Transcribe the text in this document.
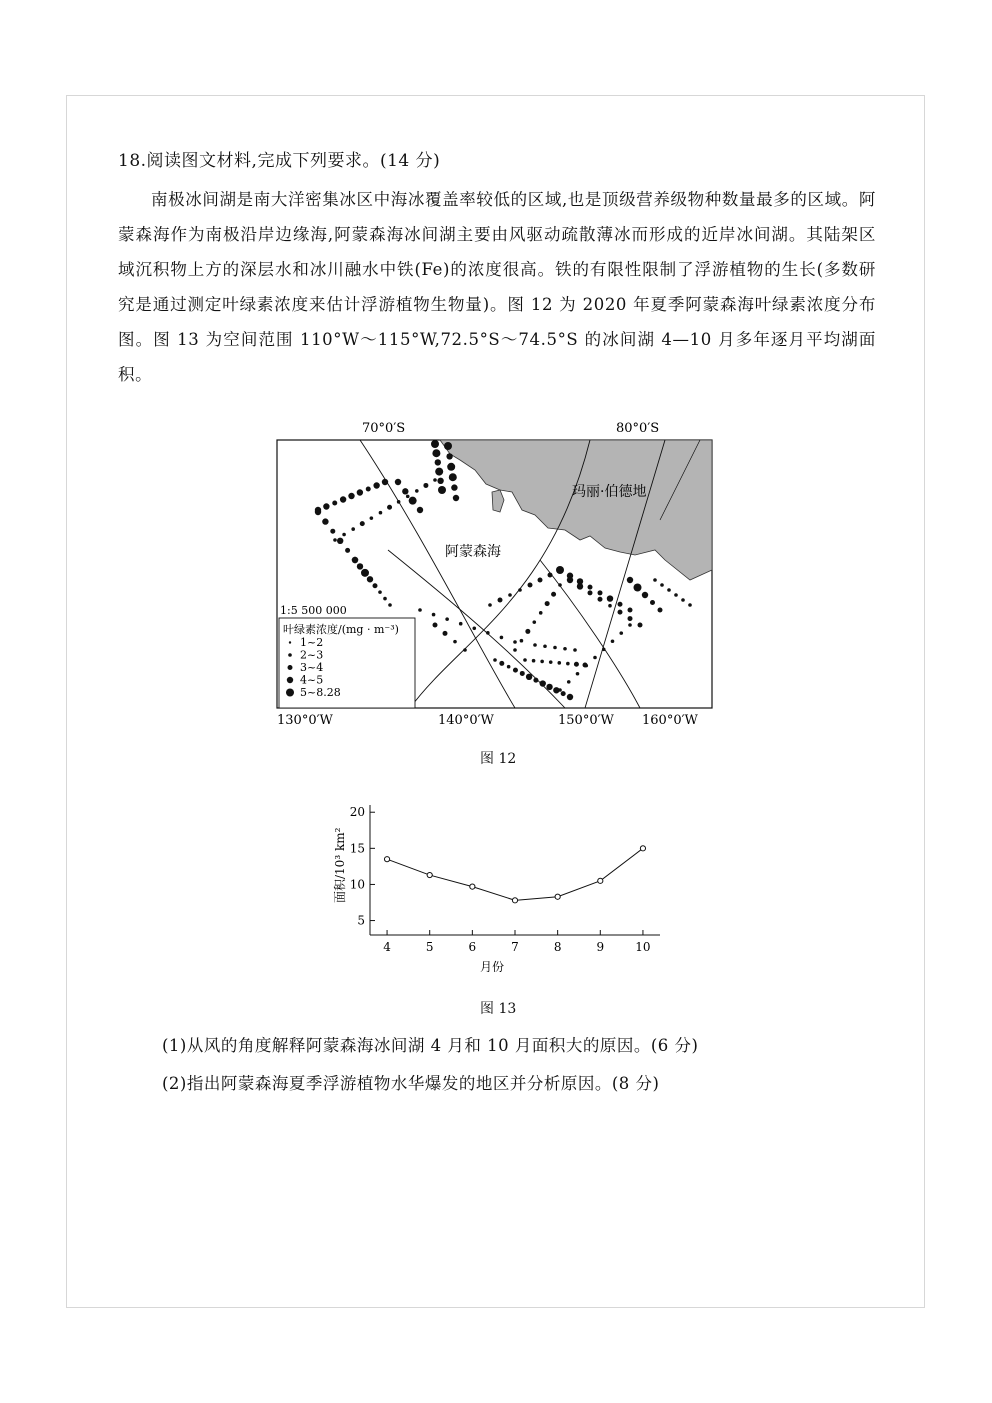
18.阅读图文材料,完成下列要求。(14 分)

南极冰间湖是南大洋密集冰区中海冰覆盖率较低的区域,也是顶级营养级物种数量最多的区域。阿蒙森海作为南极沿岸边缘海,阿蒙森海冰间湖主要由风驱动疏散薄冰而形成的近岸冰间湖。其陆架区域沉积物上方的深层水和冰川融水中铁(Fe)的浓度很高。铁的有限性限制了浮游植物的生长(多数研究是通过测定叶绿素浓度来估计浮游植物生物量)。图 12 为 2020 年夏季阿蒙森海叶绿素浓度分布图。图 13 为空间范围 110°W～115°W,72.5°S～74.5°S 的冰间湖 4—10 月多年逐月平均湖面积。

70°0′S	80°0′S
玛丽·伯德地
阿蒙森海
1:5 500 000
叶绿素浓度/(mg · m⁻³)
1~2
2~3
3~4
4~5
5~8.28
130°0′W	140°0′W	150°0′W 160°0′W
图 12
5
10
15
20
4	5	6	7	8	9	10
面积/10³ km²
月份
图 13
(1)从风的角度解释阿蒙森海冰间湖 4 月和 10 月面积大的原因。(6 分)
(2)指出阿蒙森海夏季浮游植物水华爆发的地区并分析原因。(8 分)
